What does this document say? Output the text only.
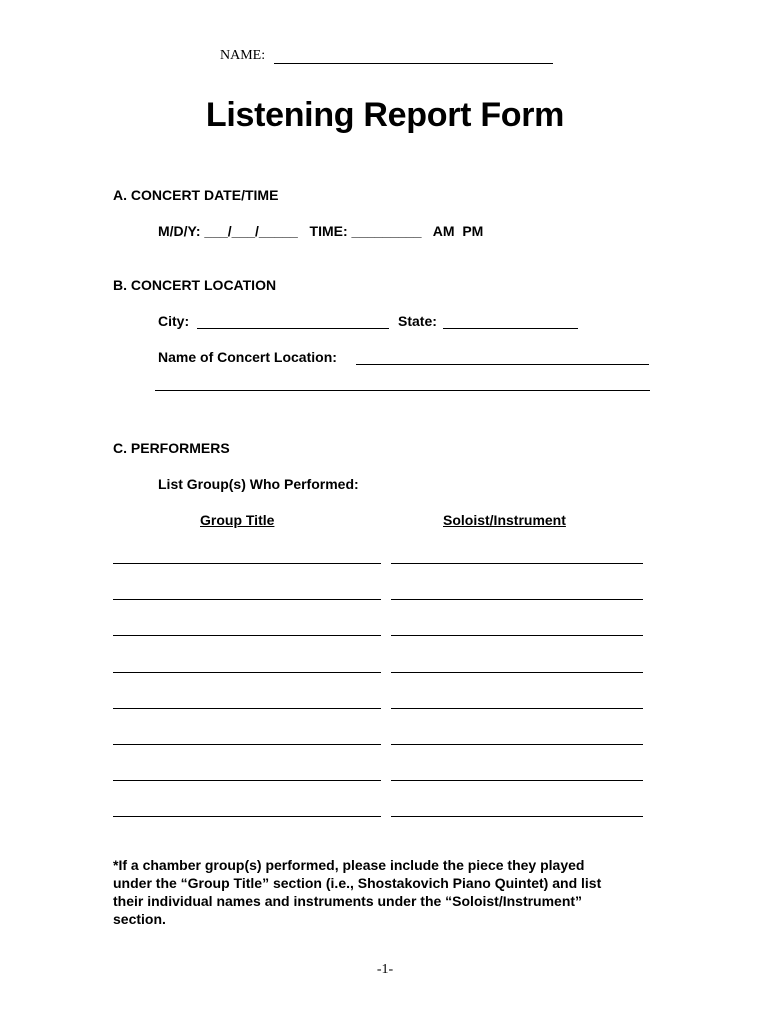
NAME:
Listening Report Form
A. CONCERT DATE/TIME
M/D/Y: ___/___/_____ TIME: _________ AM PM
B. CONCERT LOCATION
City:	State:
Name of Concert Location:
C. PERFORMERS
List Group(s) Who Performed:
Group Title	Soloist/Instrument

*If a chamber group(s) performed, please include the piece they played

under the “Group Title” section (i.e., Shostakovich Piano Quintet) and list

their individual names and instruments under the “Soloist/Instrument”

section.

-1-
